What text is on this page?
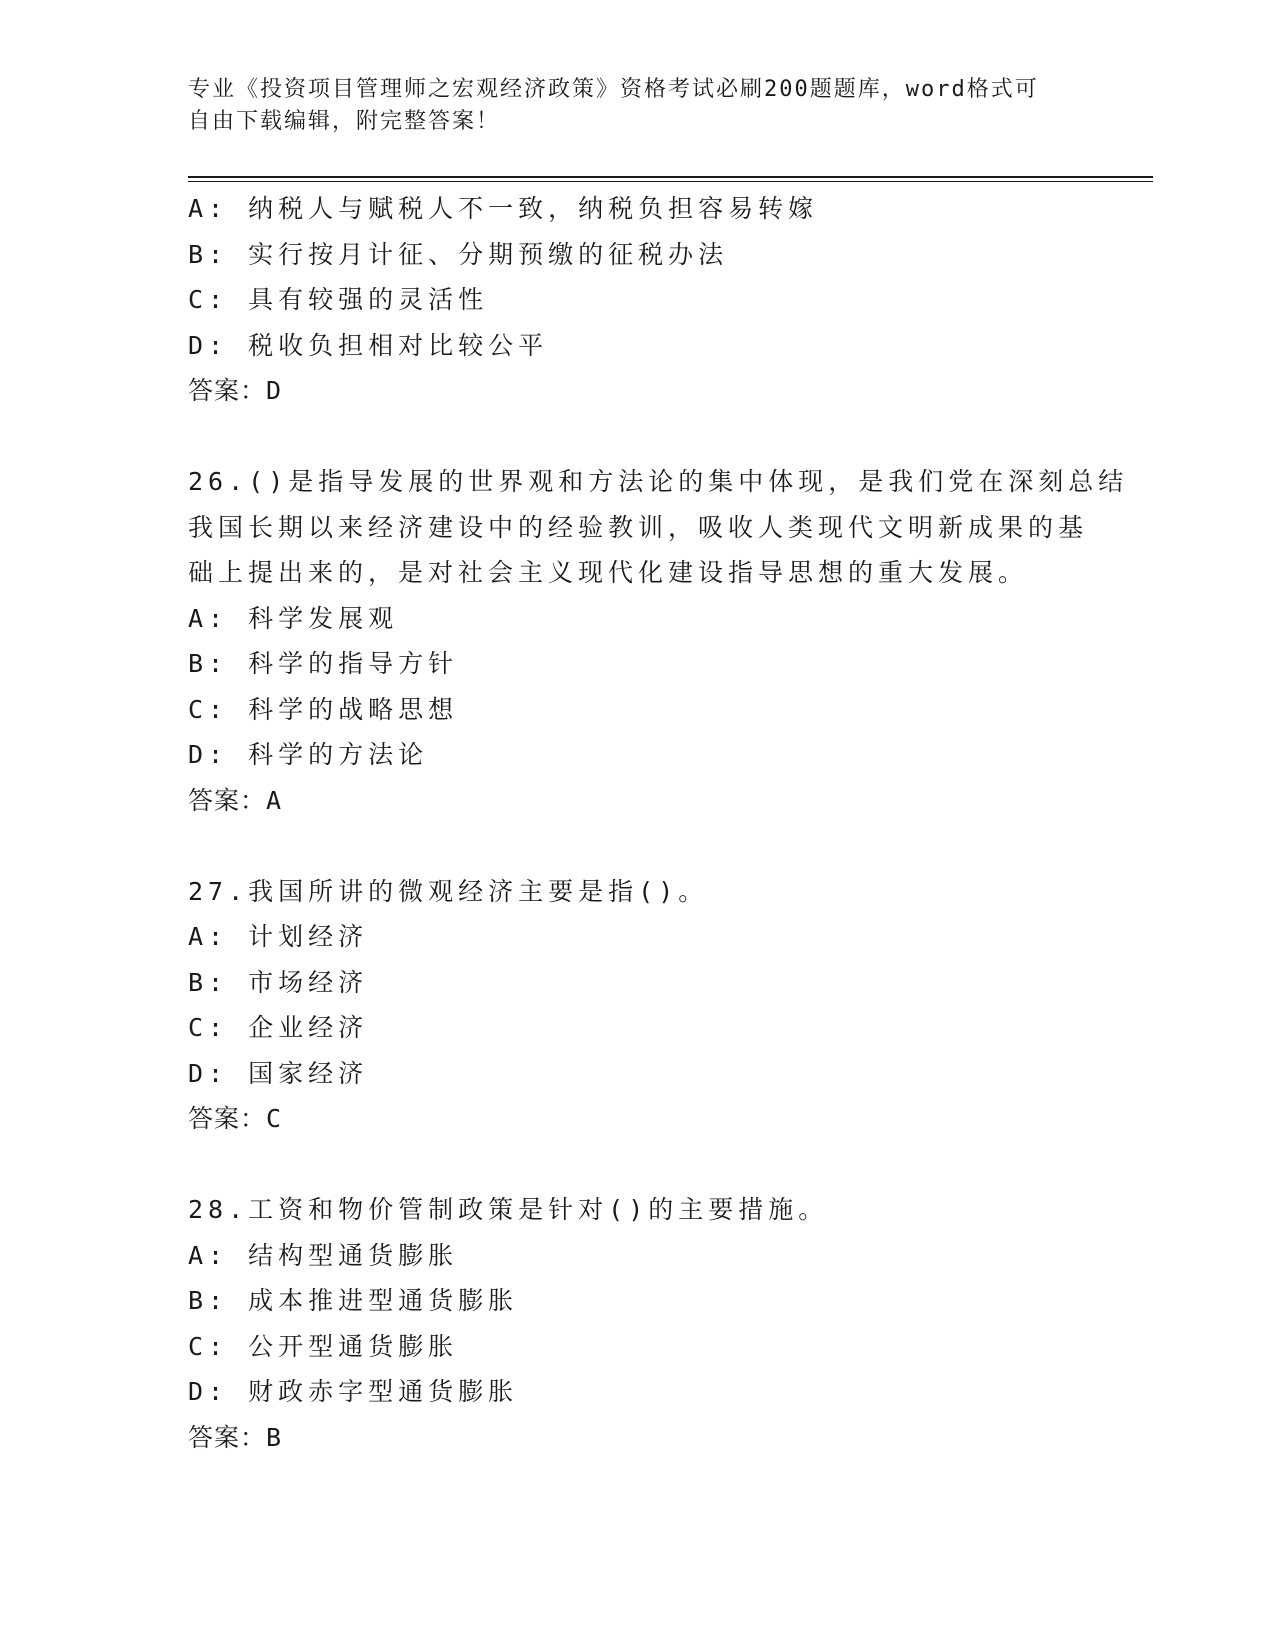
专业《投资项目管理师之宏观经济政策》资格考试必刷200题题库，word格式可
自由下载编辑，附完整答案！
A: 纳税人与赋税人不一致，纳税负担容易转嫁
B: 实行按月计征、分期预缴的征税办法
C: 具有较强的灵活性
D: 税收负担相对比较公平
答案：D
26.()是指导发展的世界观和方法论的集中体现，是我们党在深刻总结
我国长期以来经济建设中的经验教训，吸收人类现代文明新成果的基
础上提出来的，是对社会主义现代化建设指导思想的重大发展。
A: 科学发展观
B: 科学的指导方针
C: 科学的战略思想
D: 科学的方法论
答案：A
27.我国所讲的微观经济主要是指()。
A: 计划经济
B: 市场经济
C: 企业经济
D: 国家经济
答案：C
28.工资和物价管制政策是针对()的主要措施。
A: 结构型通货膨胀
B: 成本推进型通货膨胀
C: 公开型通货膨胀
D: 财政赤字型通货膨胀
答案：B
